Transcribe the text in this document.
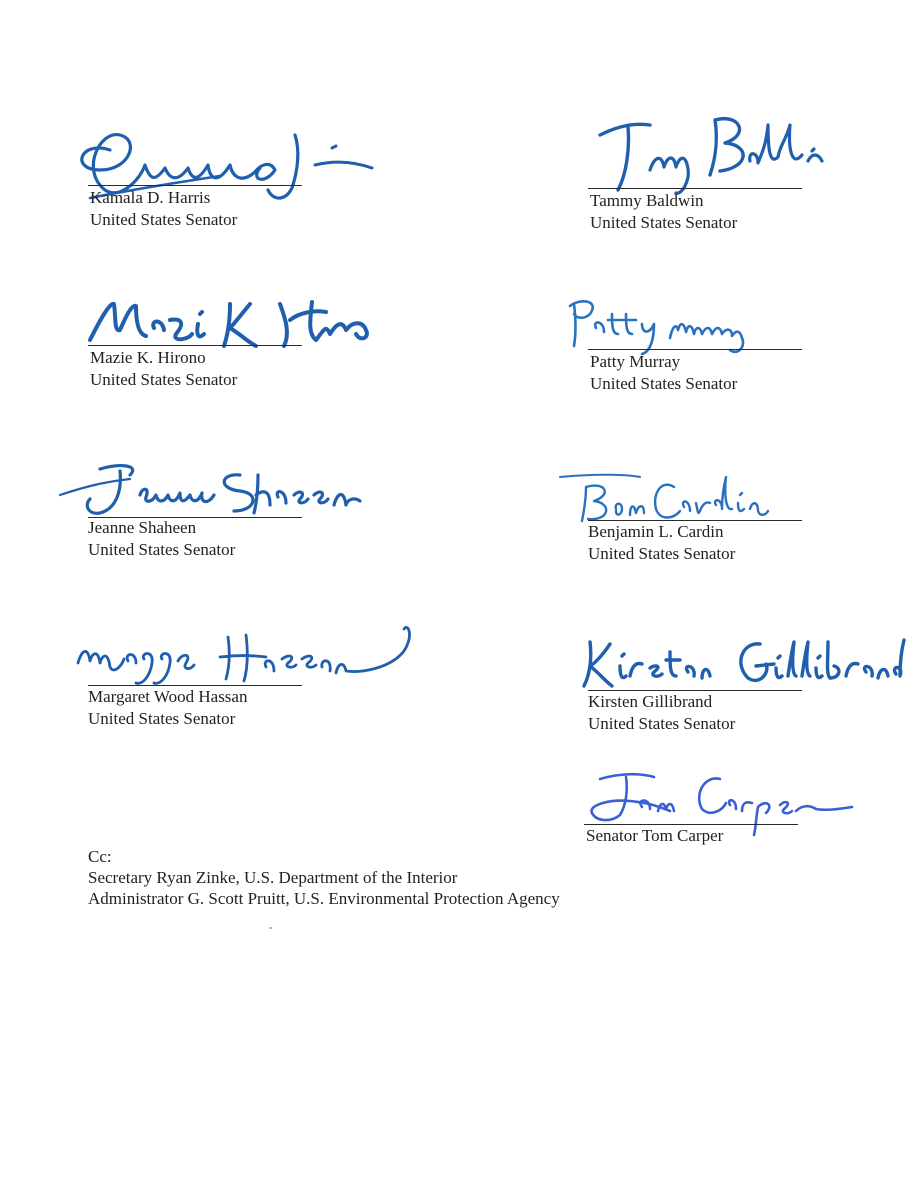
Kamala D. Harris
United States Senator
Tammy Baldwin
United States Senator
Mazie K. Hirono
United States Senator
Patty Murray
United States Senator
Jeanne Shaheen
United States Senator
Benjamin L. Cardin
United States Senator
Margaret Wood Hassan
United States Senator
Kirsten Gillibrand
United States Senator
Senator Tom Carper
Cc:
Secretary Ryan Zinke, U.S. Department of the Interior
Administrator G. Scott Pruitt, U.S. Environmental Protection Agency
